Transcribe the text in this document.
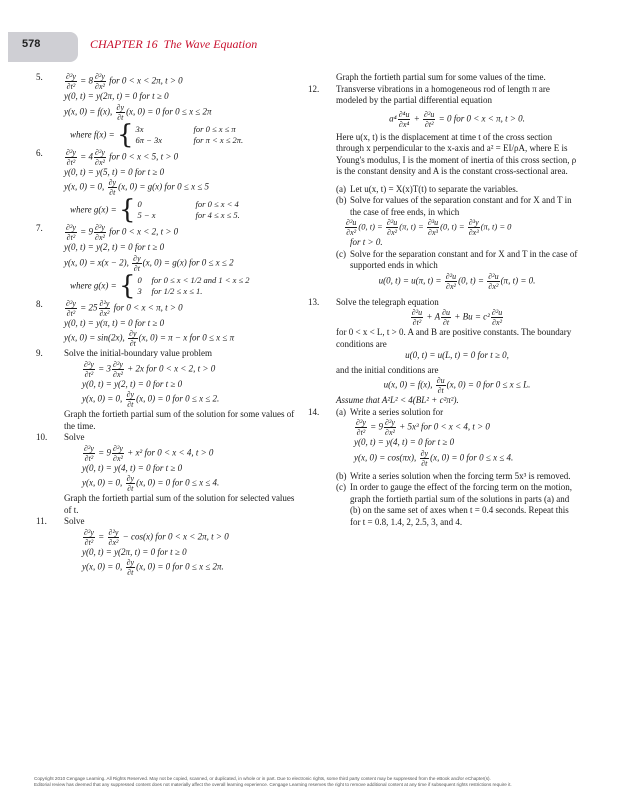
578	CHAPTER 16 The Wave Equation
5.	$\frac{\text{∂²y}}{\text{∂t²}} = 8 \frac{\text{∂²y}}{\text{∂x²}}$ for 0 < x < 2π, t > 0
y(0, t) = y(2π, t) = 0 for t ≥ 0
y(x, 0) = f(x), $\frac{\partial y}{\partial t} (x$, 0) = 0 for 0 ≤ x ≤ 2π
where f(x) = { 3x	for 0 ≤ x ≤ π
6π − 3x	for π < x ≤ 2π.
6.	$\frac{\text{∂²y}}{\text{∂t²}} = 4 \frac{\text{∂²y}}{\text{∂x²}}$ for 0 < x < 5, t > 0
y(0, t) = y(5, t) = 0 for t ≥ 0
y(x, 0) = 0, $\frac{\partial y}{\partial t} (x$, 0) = g(x) for 0 ≤ x ≤ 5
where g(x) = { 0	for 0 ≤ x < 4
5 − x	for 4 ≤ x ≤ 5.
7.	$\frac{\text{∂²y}}{\text{∂t²}} = 9 \frac{\text{∂²y}}{\text{∂x²}}$ for 0 < x < 2, t > 0
y(0, t) = y(2, t) = 0 for t ≥ 0
y(x, 0) = x(x − 2), $\frac{\partial y}{\partial t} (x$, 0) = g(x) for 0 ≤ x ≤ 2
where g(x) = { 0 for 0 ≤ x < 1/2 and 1 < x ≤ 2
3 for 1/2 ≤ x ≤ 1.
8.	$\frac{\text{∂²y}}{\text{∂t²}} = 25 \frac{\text{∂²y}}{\text{∂x²}}$ for 0 < x < π, t > 0
y(0, t) = y(π, t) = 0 for t ≥ 0
y(x, 0) = sin(2x), $\frac{\partial y}{\partial t} (x$, 0) = π − x for 0 ≤ x ≤ π
9. Solve the initial-boundary value problem
$\frac{\text{∂²y}}{\text{∂t²}} = 3 \frac{\text{∂²y}}{\text{∂x²}} + 2x$ for 0 < x < 2, t > 0
y(0, t) = y(2, t) = 0 for t ≥ 0
y(x, 0) = 0, $\frac{\partial y}{\partial t} (x$, 0) = 0 for 0 ≤ x ≤ 2.
Graph the fortieth partial sum of the solution for some values of the time.
10. Solve
$\frac{\text{∂²y}}{\text{∂t²}} = 9 \frac{\text{∂²y}}{\text{∂x²}} + x^2$ for 0 < x < 4, t > 0
y(0, t) = y(4, t) = 0 for t ≥ 0
y(x, 0) = 0, $\frac{\partial y}{\partial t} (x$, 0) = 0 for 0 ≤ x ≤ 4.
Graph the fortieth partial sum of the solution for selected values of t.
11. Solve
$\frac{\text{∂²y}}{\text{∂t²}} = \frac{\text{∂²y}}{\text{∂x²}} - \cos(x)$ for 0 < x < 2π, t > 0
y(0, t) = y(2π, t) = 0 for t ≥ 0
y(x, 0) = 0, $\frac{\partial y}{\partial t} (x$, 0) = 0 for 0 ≤ x ≤ 2π.
Graph the fortieth partial sum for some values of the time.
12. Transverse vibrations in a homogeneous rod of length π are modeled by the partial differential equation
$a^4 \frac{\text{∂⁴u}}{\text{∂x⁴}} + \frac{\text{∂²u}}{\text{∂t²}} = 0$ for 0 < x < π, t > 0.
Here u(x, t) is the displacement at time t of the cross section through x perpendicular to the x-axis and a² = EI/ρA, where E is Young's modulus, I is the moment of inertia of this cross section, ρ is the constant density and A is the constant cross-sectional area.
(a) Let u(x, t) = X(x)T(t) to separate the variables.
(b) Solve for values of the separation constant and for X and T in the case of free ends, in which
$\frac{\text{∂²u}}{\text{∂x²}} (0$, $t) = \frac{\text{∂²u}}{\text{∂x²}} (\pi$, $t) = \frac{\text{∂³u}}{\text{∂x³}} (0$, $t) = \frac{\text{∂³y}}{\text{∂x³}} (\pi$, t) = 0
for t > 0.
(c) Solve for the separation constant and for X and T in the case of supported ends in which
u(0, t) = u(π, $t) = \frac{\text{∂²u}}{\text{∂x²}} (0$, $t) = \frac{\text{∂²u}}{\text{∂x²}} (\pi$, t) = 0.
13. Solve the telegraph equation
$\frac{\text{∂²u}}{\text{∂t²}} + A \frac{\partial u}{\partial t} + Bu = c^2 \frac{\text{∂²u}}{\text{∂x²}}$
for 0 < x < L, t > 0. A and B are positive constants. The boundary conditions are
u(0, t) = u(L, t) = 0 for t ≥ 0,
and the initial conditions are
u(x, 0) = f(x), $\frac{\partial u}{\partial t} (x$, 0) = 0 for 0 ≤ x ≤ L.
Assume that A²L² < 4(BL² + c²π²).
14. (a) Write a series solution for
$\frac{\text{∂²y}}{\text{∂t²}} = 9 \frac{\text{∂²y}}{\text{∂x²}} + 5x^3$ for 0 < x < 4, t > 0
y(0, t) = y(4, t) = 0 for t ≥ 0
y(x, 0) = cos(πx), $\frac{\partial y}{\partial t} (x$, 0) = 0 for 0 ≤ x ≤ 4.
(b) Write a series solution when the forcing term 5x³ is removed.
(c) In order to gauge the effect of the forcing term on the motion, graph the fortieth partial sum of the solutions in parts (a) and (b) on the same set of axes when t = 0.4 seconds. Repeat this for t = 0.8, 1.4, 2, 2.5, 3, and 4.
Copyright 2010 Cengage Learning. All Rights Reserved. May not be copied, scanned, or duplicated, in whole or in part. Due to electronic rights, some third party content may be suppressed from the eBook and/or eChapter(s).
Editorial review has deemed that any suppressed content does not materially affect the overall learning experience. Cengage Learning reserves the right to remove additional content at any time if subsequent rights restrictions require it.
